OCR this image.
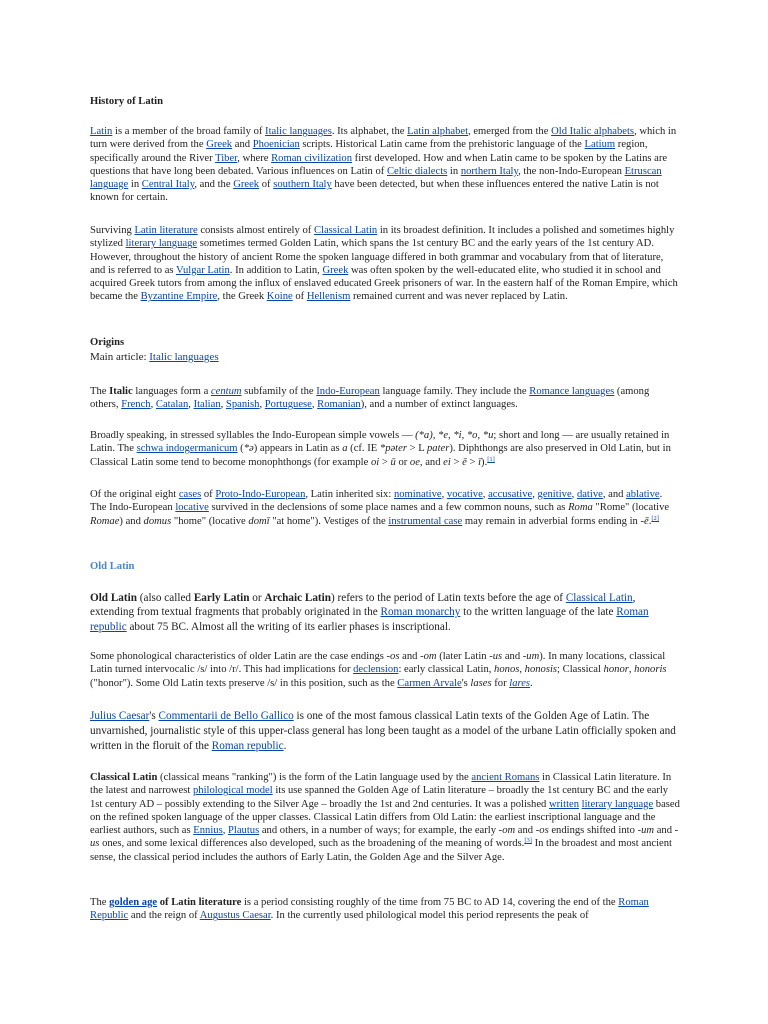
History of Latin

Latin is a member of the broad family of Italic languages. Its alphabet, the Latin alphabet, emerged from the Old Italic alphabets, which in turn were derived from the Greek and Phoenician scripts. Historical Latin came from the prehistoric language of the Latium region, specifically around the River Tiber, where Roman civilization first developed. How and when Latin came to be spoken by the Latins are questions that have long been debated. Various influences on Latin of Celtic dialects in northern Italy, the non-Indo-European Etruscan language in Central Italy, and the Greek of southern Italy have been detected, but when these influences entered the native Latin is not known for certain.

Surviving Latin literature consists almost entirely of Classical Latin in its broadest definition. It includes a polished and sometimes highly stylized literary language sometimes termed Golden Latin, which spans the 1st century BC and the early years of the 1st century AD. However, throughout the history of ancient Rome the spoken language differed in both grammar and vocabulary from that of literature, and is referred to as Vulgar Latin. In addition to Latin, Greek was often spoken by the well-educated elite, who studied it in school and acquired Greek tutors from among the influx of enslaved educated Greek prisoners of war. In the eastern half of the Roman Empire, which became the Byzantine Empire, the Greek Koine of Hellenism remained current and was never replaced by Latin.

Origins
Main article: Italic languages

The Italic languages form a centum subfamily of the Indo-European language family. They include the Romance languages (among others, French, Catalan, Italian, Spanish, Portuguese, Romanian), and a number of extinct languages.

Broadly speaking, in stressed syllables the Indo-European simple vowels — (*a), *e, *i, *o, *u; short and long — are usually retained in Latin. The schwa indogermanicum (*ə) appears in Latin as a (cf. IE *pəter > L pater). Diphthongs are also preserved in Old Latin, but in Classical Latin some tend to become monophthongs (for example oi > ū or oe, and ei > ē > ī).[1]

Of the original eight cases of Proto-Indo-European, Latin inherited six: nominative, vocative, accusative, genitive, dative, and ablative. The Indo-European locative survived in the declensions of some place names and a few common nouns, such as Roma "Rome" (locative Romae) and domus "home" (locative domī "at home"). Vestiges of the instrumental case may remain in adverbial forms ending in -ē.[2]

Old Latin

Old Latin (also called Early Latin or Archaic Latin) refers to the period of Latin texts before the age of Classical Latin, extending from textual fragments that probably originated in the Roman monarchy to the written language of the late Roman republic about 75 BC. Almost all the writing of its earlier phases is inscriptional.

Some phonological characteristics of older Latin are the case endings -os and -om (later Latin -us and -um). In many locations, classical Latin turned intervocalic /s/ into /r/. This had implications for declension: early classical Latin, honos, honosis; Classical honor, honoris ("honor"). Some Old Latin texts preserve /s/ in this position, such as the Carmen Arvale's lases for lares.

Julius Caesar's Commentarii de Bello Gallico is one of the most famous classical Latin texts of the Golden Age of Latin. The unvarnished, journalistic style of this upper-class general has long been taught as a model of the urbane Latin officially spoken and written in the floruit of the Roman republic.

Classical Latin (classical means "ranking") is the form of the Latin language used by the ancient Romans in Classical Latin literature. In the latest and narrowest philological model its use spanned the Golden Age of Latin literature – broadly the 1st century BC and the early 1st century AD – possibly extending to the Silver Age – broadly the 1st and 2nd centuries. It was a polished written literary language based on the refined spoken language of the upper classes. Classical Latin differs from Old Latin: the earliest inscriptional language and the earliest authors, such as Ennius, Plautus and others, in a number of ways; for example, the early -om and -os endings shifted into -um and -us ones, and some lexical differences also developed, such as the broadening of the meaning of words.[3] In the broadest and most ancient sense, the classical period includes the authors of Early Latin, the Golden Age and the Silver Age.

The golden age of Latin literature is a period consisting roughly of the time from 75 BC to AD 14, covering the end of the Roman Republic and the reign of Augustus Caesar. In the currently used philological model this period represents the peak of
